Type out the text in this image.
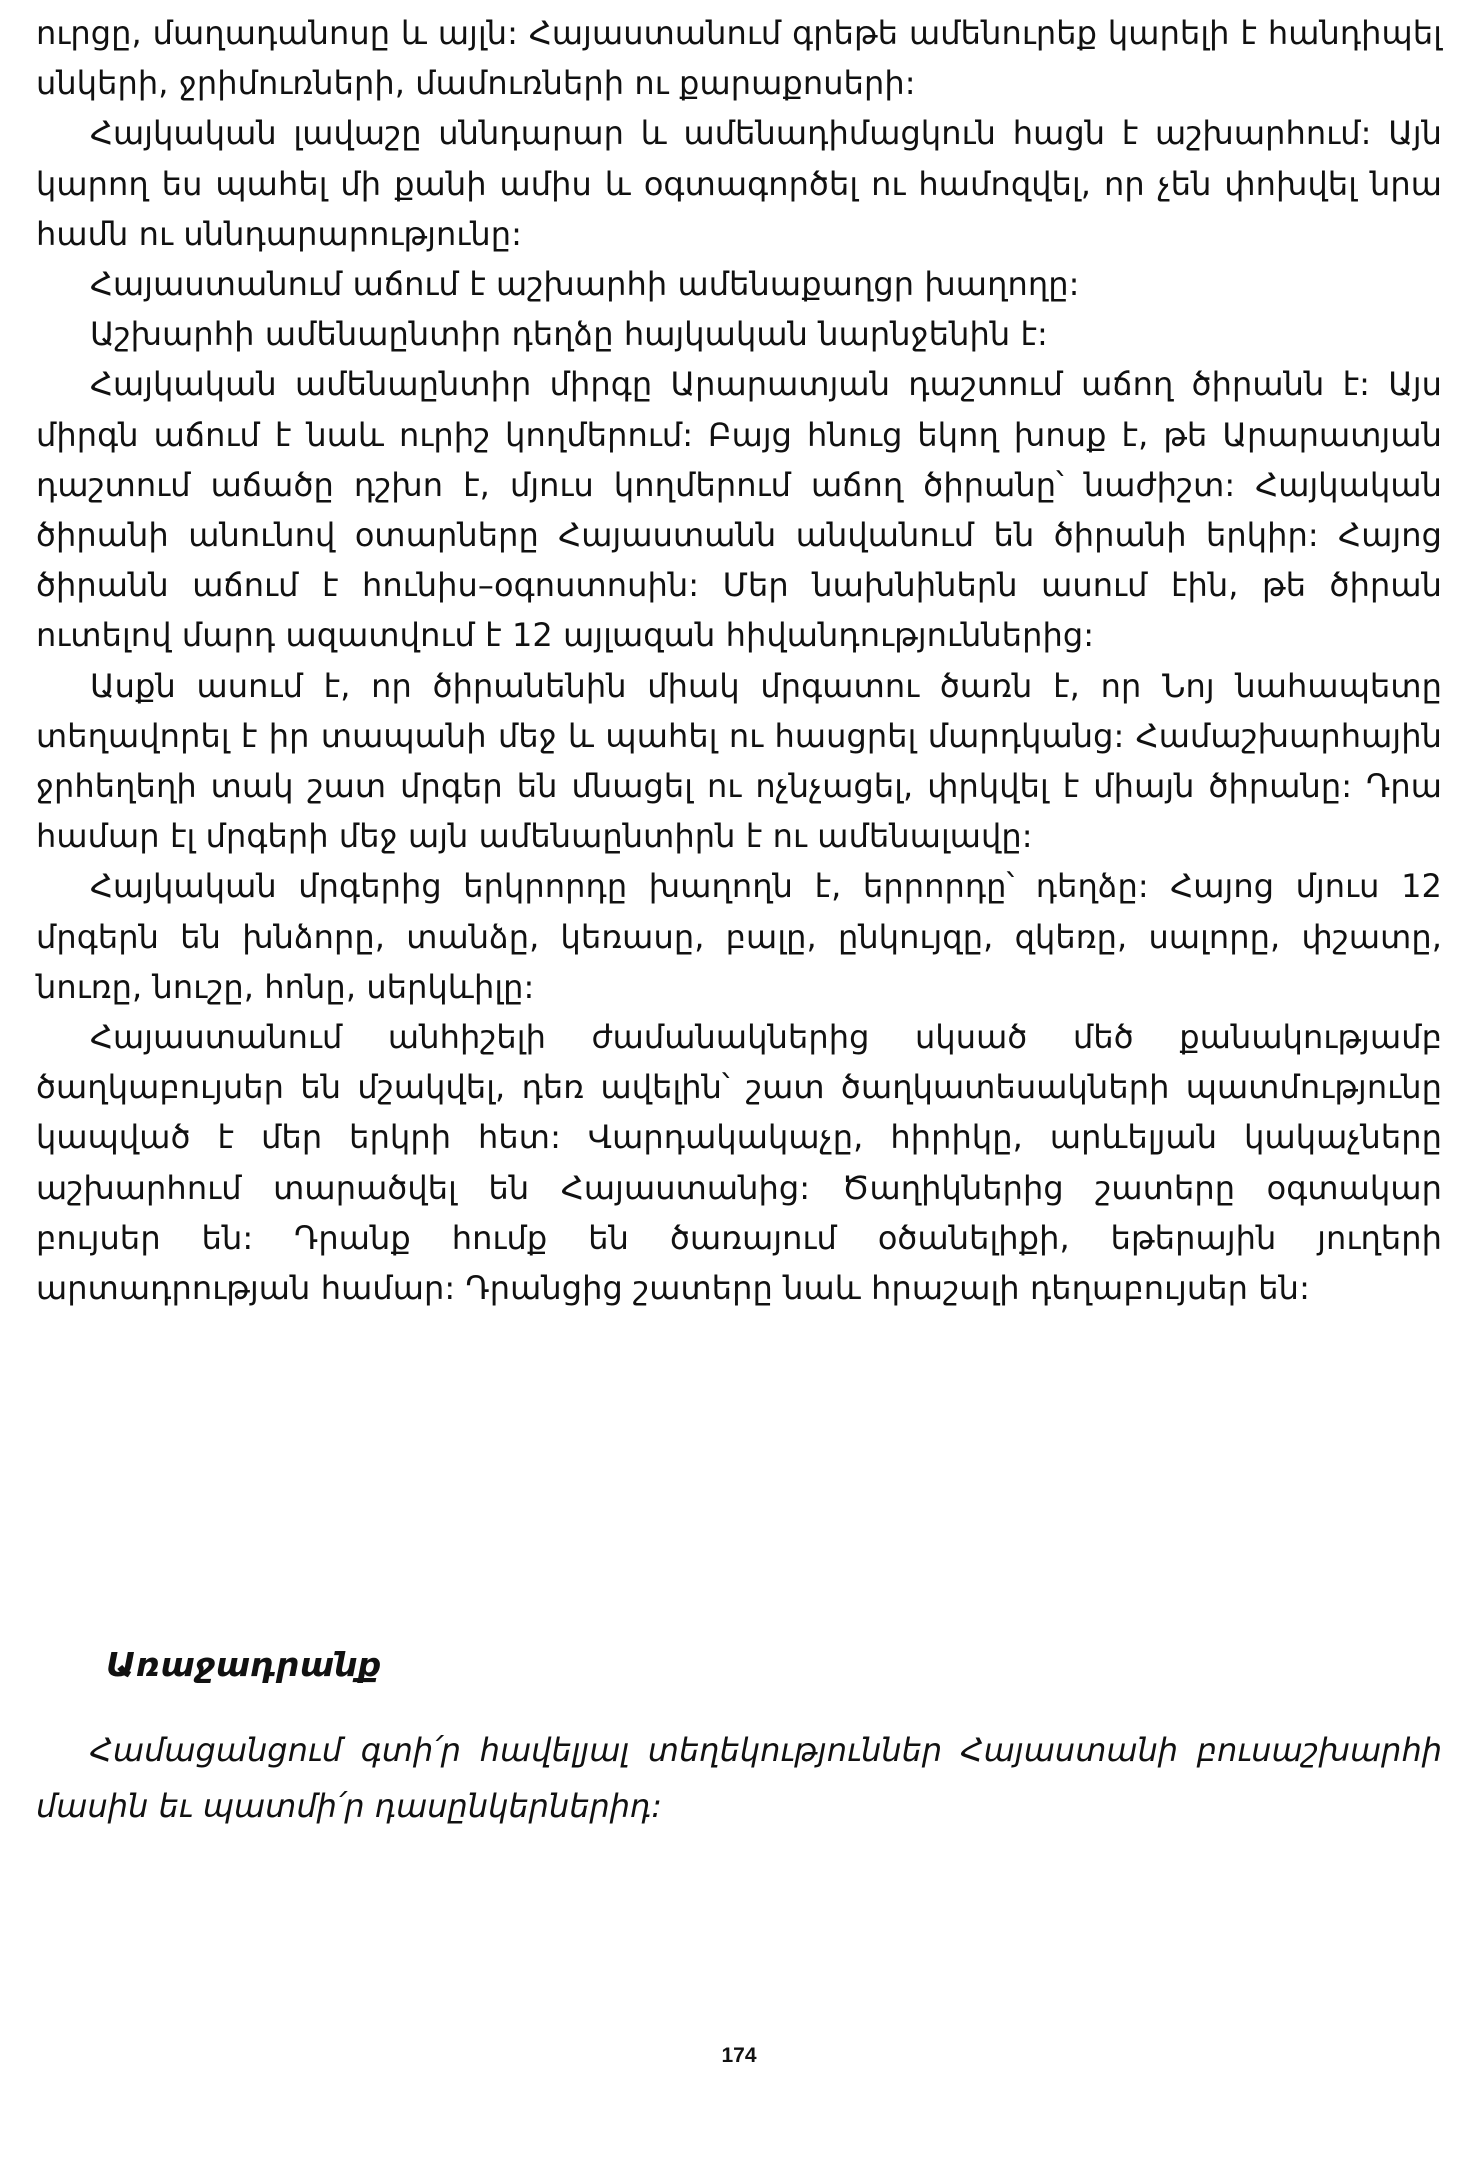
ուրցը, մաղադանոսը և այլն: Հայաստանում գրեթե ամենուրեք կարելի է հանդիպել սնկերի, ջրիմուռների, մամուռների ու քարաքոսերի:

Հայկական լավաշը սննդարար և ամենադիմացկուն հացն է աշխարհում: Այն կարող ես պահել մի քանի ամիս և օգտագործել ու համոզվել, որ չեն փոխվել նրա համն ու սննդարարությունը:

Հայաստանում աճում է աշխարհի ամենաքաղցր խաղողը:

Աշխարհի ամենաընտիր դեղձը հայկական նարնջենին է:

Հայկական ամենաընտիր միրգը Արարատյան դաշտում աճող ծիրանն է: Այս միրգն աճում է նաև ուրիշ կողմերում: Բայց հնուց եկող խոսք է, թե Արարատյան դաշտում աճածը դշխո է, մյուս կողմերում աճող ծիրանը՝ նաժիշտ: Հայկական ծիրանի անունով օտարները Հայաստանն անվանում են ծիրանի երկիր: Հայոց ծիրանն աճում է հունիս–օգոստոսին: Մեր նախնիներն ասում էին, թե ծիրան ուտելով մարդ ազատվում է 12 այլազան հիվանդություններից:

Ասքն ասում է, որ ծիրանենին միակ մրգատու ծառն է, որ Նոյ նահապետը տեղավորել է իր տապանի մեջ և պահել ու հասցրել մարդկանց: Համաշխարհային ջրհեղեղի տակ շատ մրգեր են մնացել ու ոչնչացել, փրկվել է միայն ծիրանը: Դրա համար էլ մրգերի մեջ այն ամենաընտիրն է ու ամենալավը:

Հայկական մրգերից երկրորդը խաղողն է, երրորդը՝ դեղձը: Հայոց մյուս 12 մրգերն են խնձորը, տանձը, կեռասը, բալը, ընկույզը, զկեռը, սալորը, փշատը, նուռը, նուշը, հոնը, սերկևիլը:

Հայաստանում անհիշելի ժամանակներից սկսած մեծ քանակությամբ ծաղկաբույսեր են մշակվել, դեռ ավելին՝ շատ ծաղկատեսակների պատմությունը կապված է մեր երկրի հետ: Վարդակակաչը, հիրիկը, արևելյան կակաչները աշխարհում տարածվել են Հայաստանից: Ծաղիկներից շատերը օգտակար բույսեր են: Դրանք հումք են ծառայում օծանելիքի, եթերային յուղերի արտադրության համար: Դրանցից շատերը նաև հրաշալի դեղաբույսեր են:

Առաջադրանք

Համացանցում գտի՛ր հավելյալ տեղեկություններ Հայաստանի բուսաշխարհի մասին եւ պատմի՛ր դասընկերներիդ:

174
